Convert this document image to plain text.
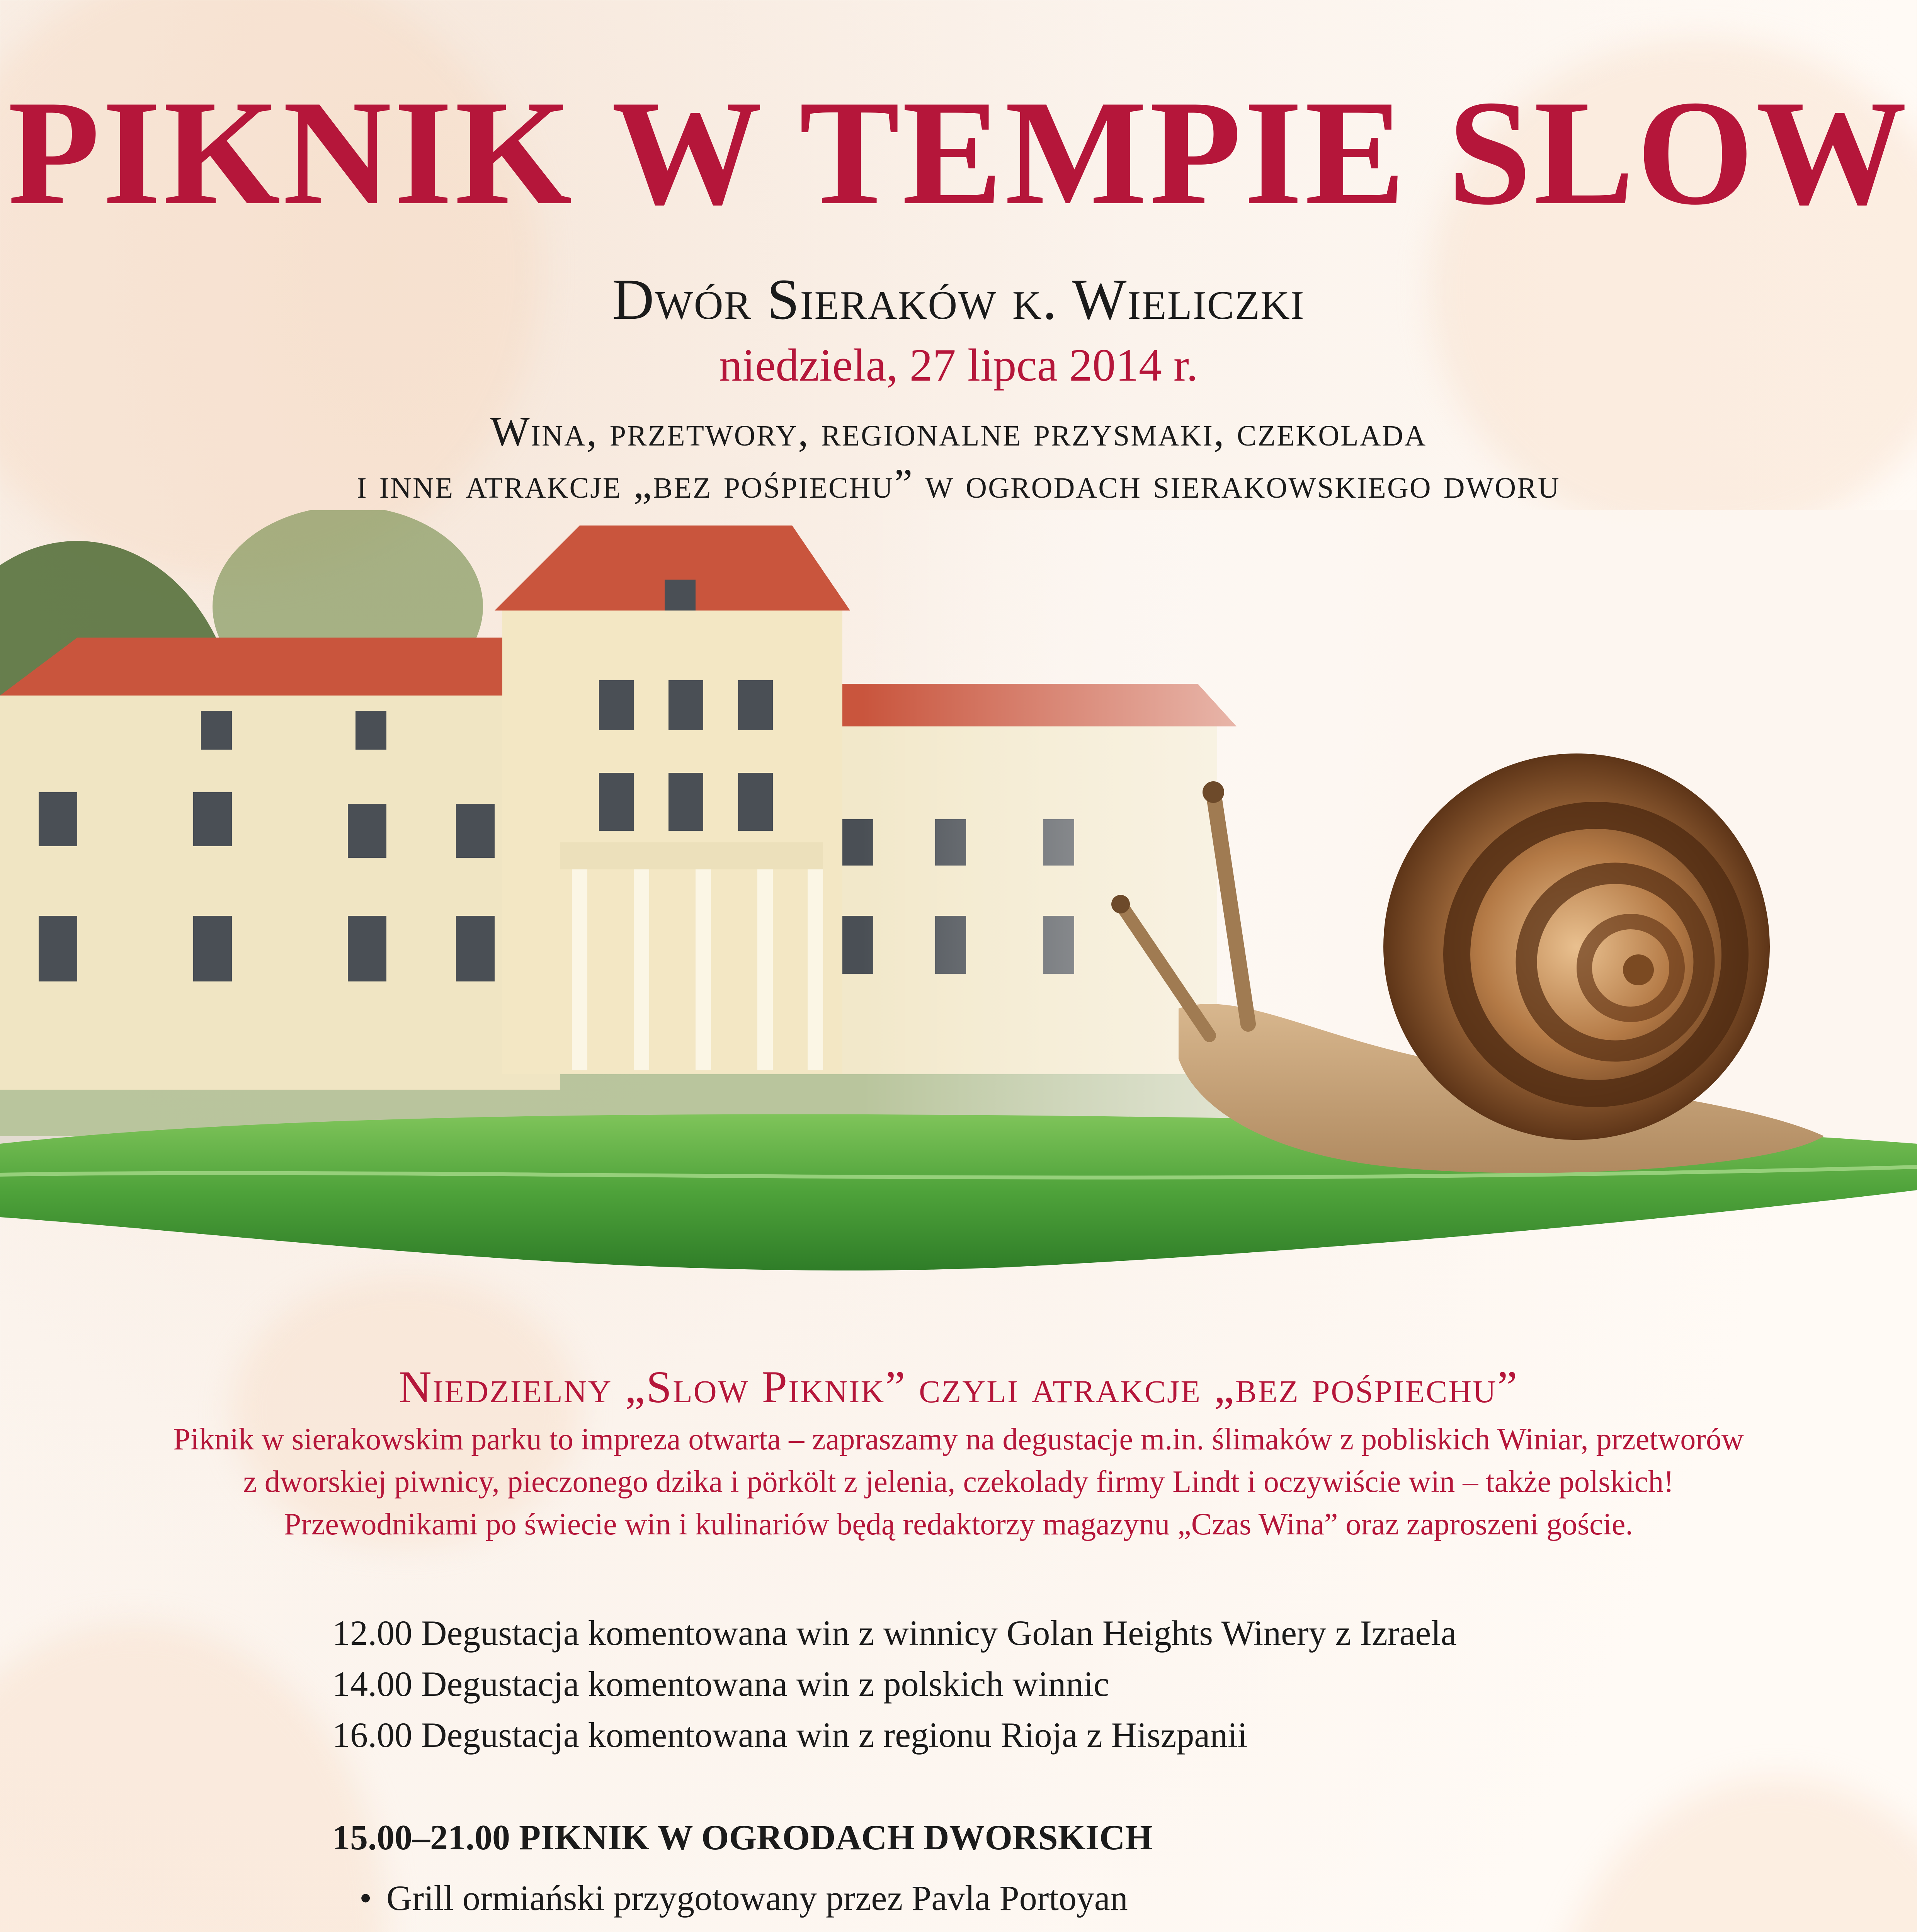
PIKNIK W TEMPIE SLOW
Dwór Sieraków k. Wieliczki
niedziela, 27 lipca 2014 r.
Wina, przetwory, regionalne przysmaki, czekolada
i inne atrakcje „bez pośpiechu” w ogrodach sierakowskiego dworu
Niedzielny „Slow Piknik” czyli atrakcje „bez pośpiechu”
Piknik w sierakowskim parku to impreza otwarta – zapraszamy na degustacje m.in. ślimaków z pobliskich Winiar, przetworów
z dworskiej piwnicy, pieczonego dzika i pörkölt z jelenia, czekolady firmy Lindt i oczywiście win – także polskich!
Przewodnikami po świecie win i kulinariów będą redaktorzy magazynu „Czas Wina” oraz zaproszeni goście.
12.00 Degustacja komentowana win z winnicy Golan Heights Winery z Izraela
14.00 Degustacja komentowana win z polskich winnic
16.00 Degustacja komentowana win z regionu Rioja z Hiszpanii
15.00–21.00 PIKNIK W OGRODACH DWORSKICH
• Grill ormiański przygotowany przez Pavla Portoyan
